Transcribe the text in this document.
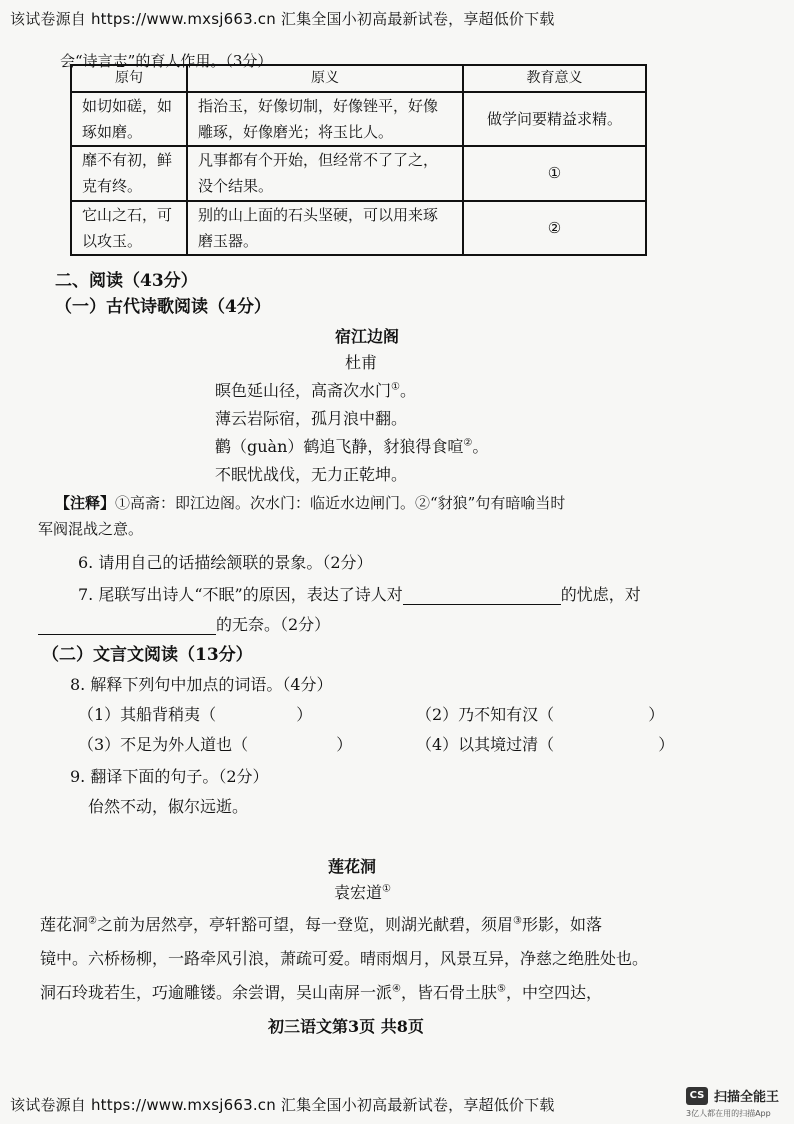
该试卷源自 https://www.mxsj663.cn 汇集全国小初高最新试卷，享超低价下载
会“诗言志”的育人作用。（3分）
原句	原义	教育意义
如切如磋，如琢如磨。	指治玉，好像切制，好像锉平，好像雕琢，好像磨光；将玉比人。	做学问要精益求精。
靡不有初，鲜克有终。	凡事都有个开始，但经常不了了之，没个结果。	①
它山之石，可以攻玉。	别的山上面的石头坚硬，可以用来琢磨玉器。	②
二、阅读（43分）
（一）古代诗歌阅读（4分）
宿江边阁
杜甫
暝色延山径，高斋次水门①。
薄云岩际宿，孤月浪中翻。
鹳（guàn）鹤追飞静，豺狼得食喧②。
不眠忧战伐，无力正乾坤。
【注释】①高斋：即江边阁。次水门：临近水边闸门。②“豺狼”句有暗喻当时
军阀混战之意。
6. 请用自己的话描绘颔联的景象。（2分）
7. 尾联写出诗人“不眠”的原因，表达了诗人对	的忧虑，对
的无奈。（2分）
（二）文言文阅读（13分）
8. 解释下列句中加点的词语。（4分）
（1）其船背稍夷（	）	（2）乃不知有汉（	）
（3）不足为外人道也（	）	（4）以其境过清（	）
9. 翻译下面的句子。（2分）
佁然不动，俶尔远逝。
莲花洞
袁宏道①
莲花洞②之前为居然亭，亭轩豁可望，每一登览，则湖光献碧，须眉③形影，如落
镜中。六桥杨柳，一路牵风引浪，萧疏可爱。晴雨烟月，风景互异，净慈之绝胜处也。
洞石玲珑若生，巧逾雕镂。余尝谓，吴山南屏一派④，皆石骨土肤⑤，中空四达，
初三语文第3页 共8页
该试卷源自 https://www.mxsj663.cn 汇集全国小初高最新试卷，享超低价下载
CS 扫描全能王
3亿人都在用的扫描App
